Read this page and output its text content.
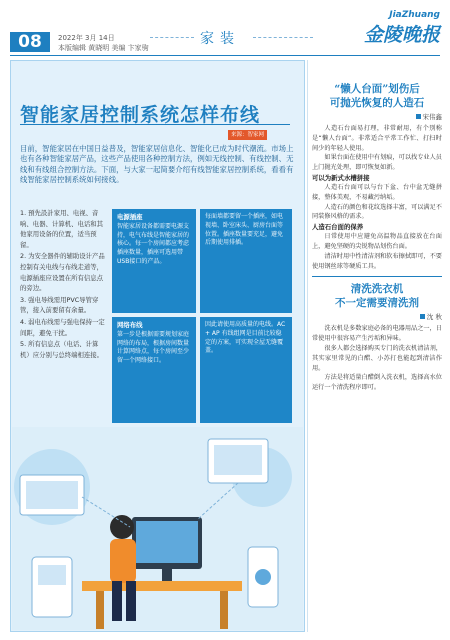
08	2022年 3月 14日
本版编辑 黄晓明 美编 卞家驹
家装
JiaZhuang
金陵晚报
智能家居控制系统怎样布线
来源：智家网
目前，智能家居在中国日益普及，智能家居信息化、智能化已成为时代潮流。市场上也有各种智能家居产品，这些产品使用各种控制方法，例如无线控制、有线控制、无线和有线组合控制方法。下面，与大家一起简要介绍有线智能家居控制系统，看看有线智能家居控制系统如何接线。

1. 預先設計家用、电视、音响、电器、计算机、电话和其他家用设备的位置，适当预留。

2. 为安全器件的辅助设计产品控制有关电线与布线走道等，电源插座应设置在所有信息点的旁边。

3. 强电导线需用PVC导管穿管，接入前要留有余量。

4. 弱电布线需与强电保持一定间距，避免干扰。

5. 所有信息点（电话、计算机）应分别与总终端相连接。

电源插座
智能家居设备都需要电源支持，电气布线是智能家居的核心。每一个房间都应考虑插座数量，插座可选用带USB接口的产品。
每面墙都要留一个插座，如电视墙、卧室床头、厨房台面等位置。插座数量要充足，避免后期使用排插。
网络布线
第一步是根据需要规划家庭网络的布局，根据房间数量计算网络点，每个房间至少留一个网络接口。
因此请使用高质量的电线。AC + AP 有线组网是目前比较稳定的方案，可实现全屋无缝覆盖。
“懒人台面”划伤后
可抛光恢复的人造石
宋伟鑫

人造石台面易打理，非常耐用，有个别称是“懒人台面”。非常适合平常工作忙、打扫时间少的年轻人使用。

如果台面在使用中有划痕，可以找专业人员上门抛光处理，即可恢复如新。

可以为新式水槽拼接

人造石台面可以与台下盆、台中盆无缝拼接，整体美观，不易藏污纳垢。

人造石的颜色和花纹选择丰富，可以满足不同装修风格的需求。

人造石台面的保养

日常使用中应避免高温物品直接放在台面上，避免坚硬的尖锐物品划伤台面。

清洁时用中性清洁剂和软布擦拭即可，不要使用钢丝球等硬质工具。

清洗洗衣机
不一定需要清洗剂
沈 秋

洗衣机是多数家庭必备的电器用品之一，日常使用中很容易产生污垢和异味。

很多人都会选择购买专门的洗衣机清洁剂，其实家里常见的白醋、小苏打也能起到清洁作用。

方法是将适量白醋倒入洗衣机，选择高水位运行一个清洗程序即可。
